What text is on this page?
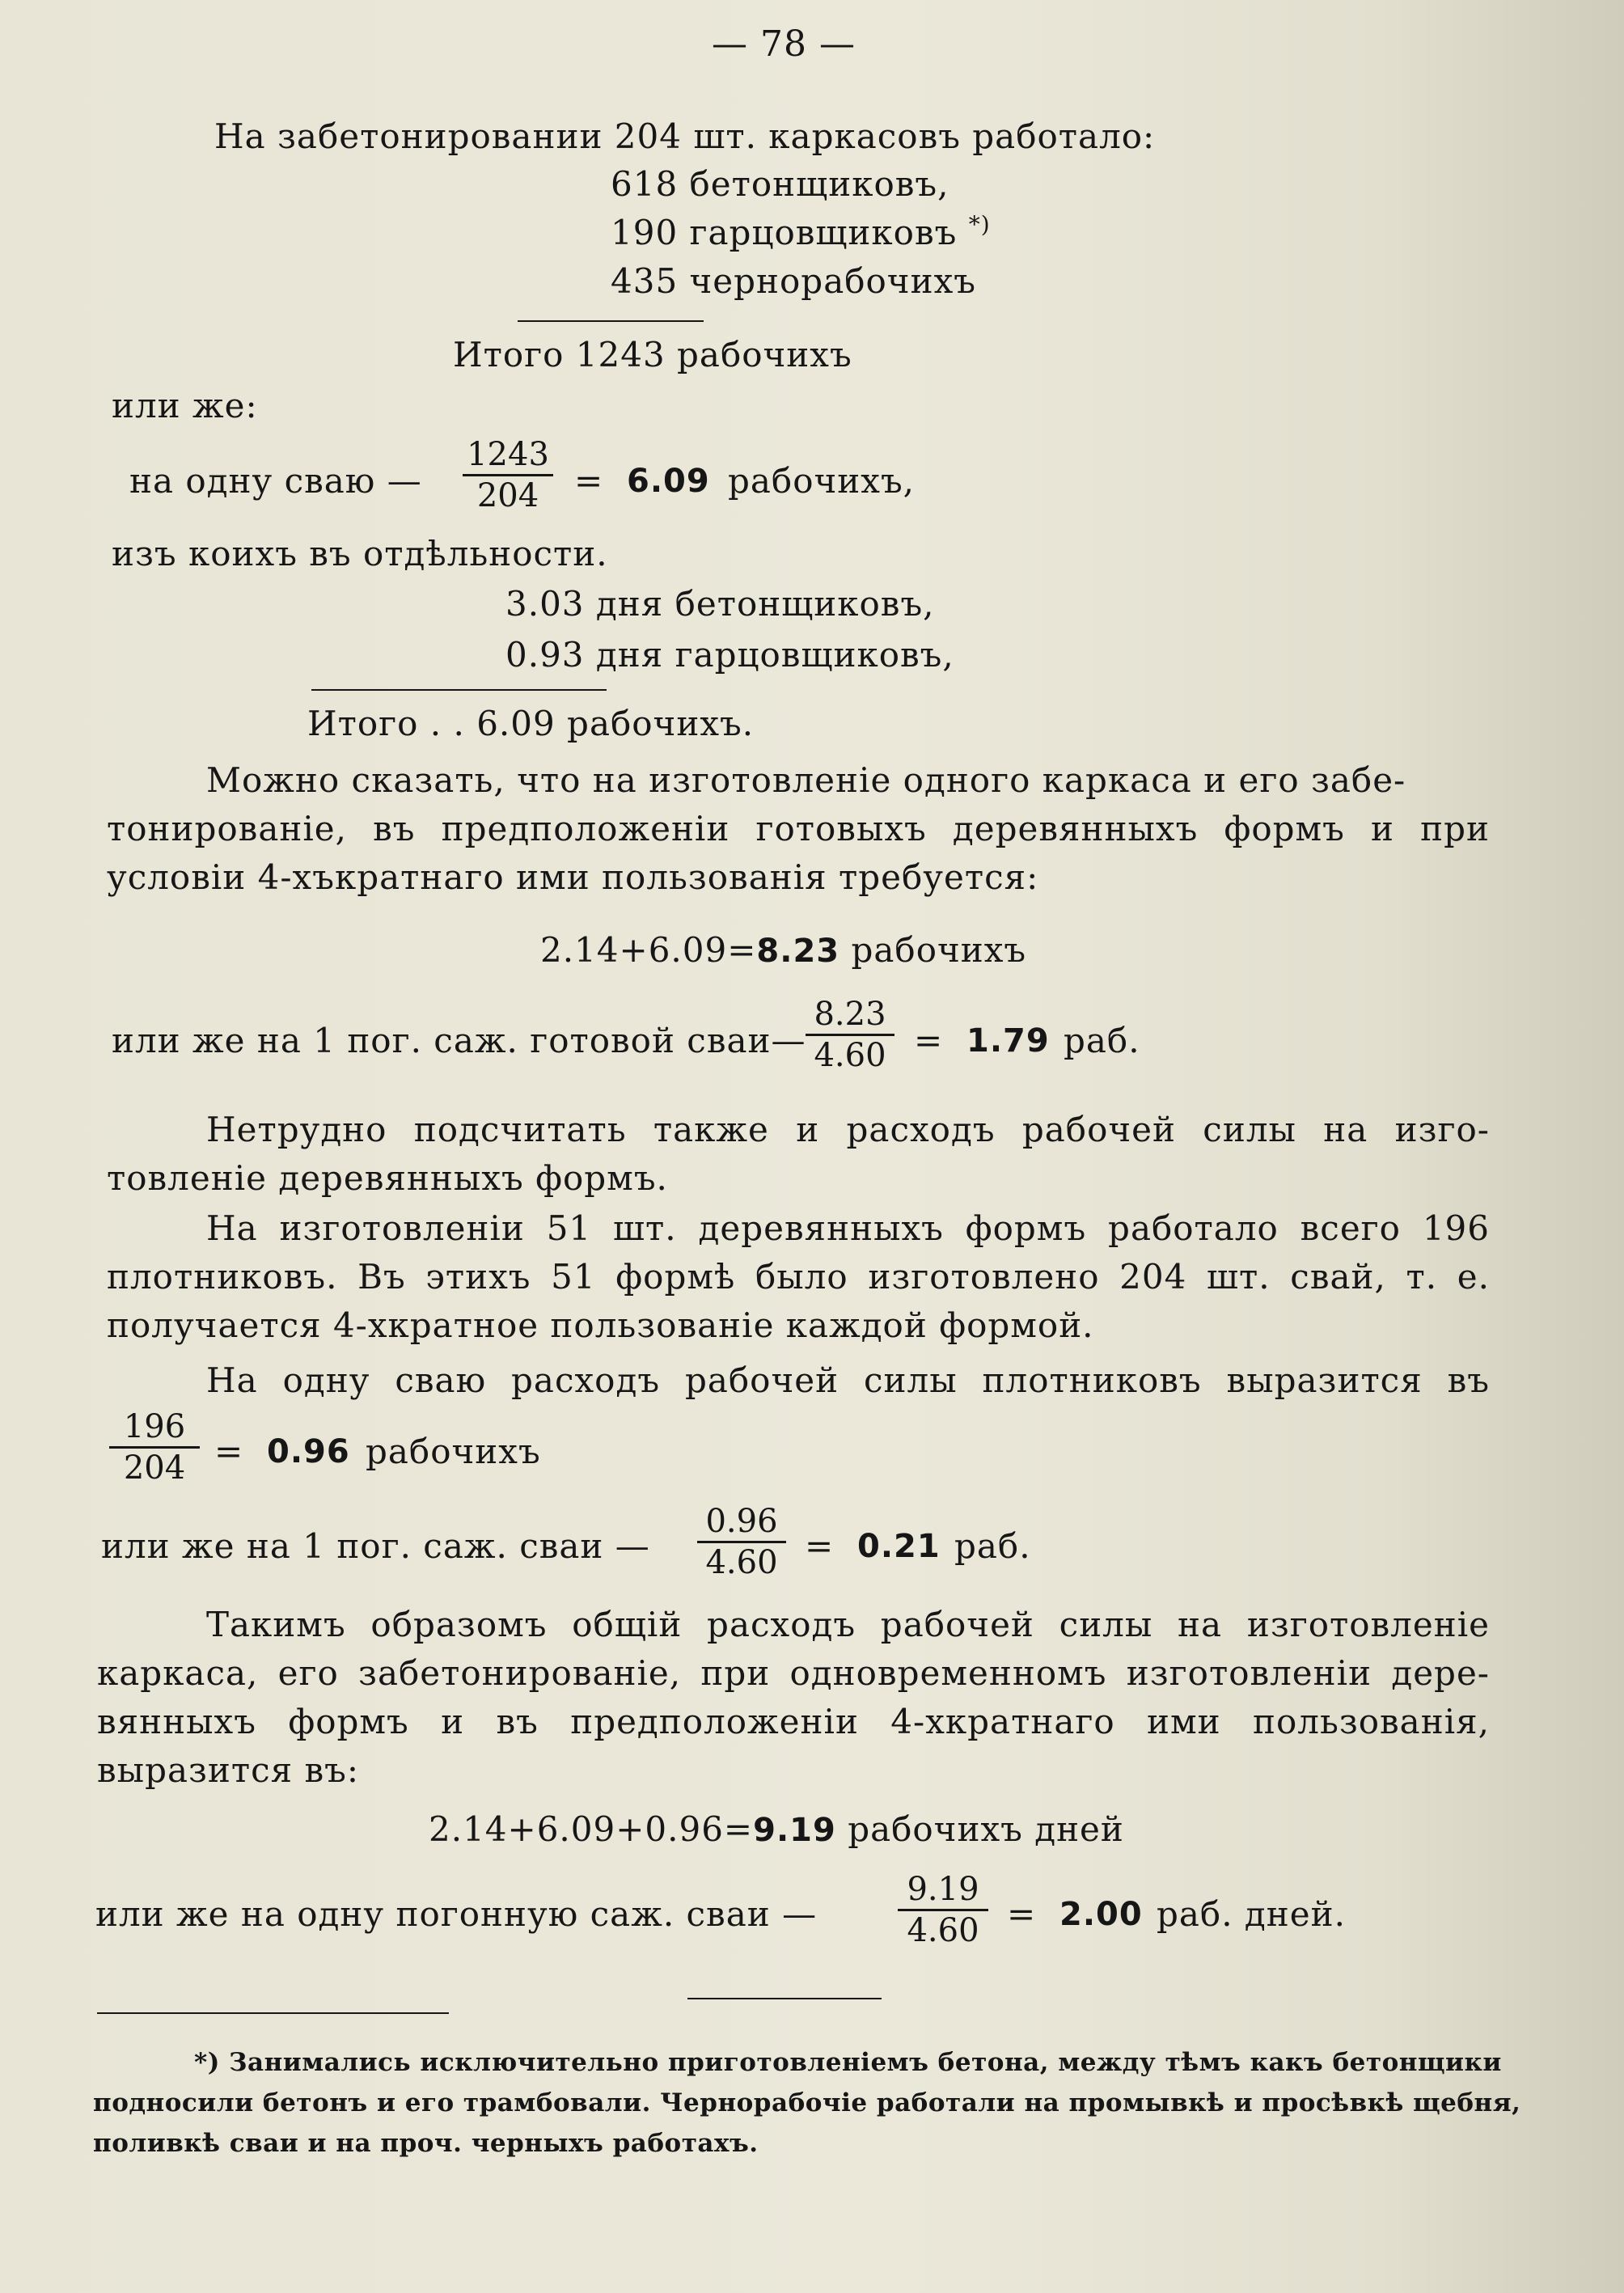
— 78 —
На забетонировании 204 шт. каркасовъ работало:
618 бетонщиковъ,
190 гарцовщиковъ *)
435 чернорабочихъ
Итого 1243 рабочихъ
или же:
на одну сваю — $\frac{1243}{204} = 6.09$ рабочихъ,
изъ коихъ въ отдѣльности.
3.03 дня бетонщиковъ,
0.93 дня гарцовщиковъ,
Итого . . 6.09 рабочихъ.
Можно сказать, что на изготовленіе одного каркаса и его забе-
тонированіе, въ предположеніи готовыхъ деревянныхъ формъ и при
условіи 4-хъкратнаго ими пользованія требуется:
2.14+6.09=8.23 рабочихъ
или же на 1 пог. саж. готовой сваи— $\frac{8.23}{4.60} = 1.79$ раб.
Нетрудно подсчитать также и расходъ рабочей силы на изго-
товленіе деревянныхъ формъ.
На изготовленіи 51 шт. деревянныхъ формъ работало всего 196
плотниковъ. Въ этихъ 51 формѣ было изготовлено 204 шт. свай, т. е.
получается 4-хкратное пользованіе каждой формой.
На одну сваю расходъ рабочей силы плотниковъ выразится въ
$\frac{196}{204} = 0.96$ рабочихъ
или же на 1 пог. саж. сваи — $\frac{0.96}{4.60} = 0.21$ раб.
Такимъ образомъ общій расходъ рабочей силы на изготовленіе
каркаса, его забетонированіе, при одновременномъ изготовленіи дере-
вянныхъ формъ и въ предположеніи 4-хкратнаго ими пользованія,
выразится въ:
2.14+6.09+0.96=9.19 рабочихъ дней
или же на одну погонную саж. сваи — $\frac{9.19}{4.60} = 2.00$ раб. дней.
*) Занимались исключительно приготовленіемъ бетона, между тѣмъ какъ бетонщики
подносили бетонъ и его трамбовали. Чернорабочіе работали на промывкѣ и просѣвкѣ щебня,
поливкѣ сваи и на проч. черныхъ работахъ.
